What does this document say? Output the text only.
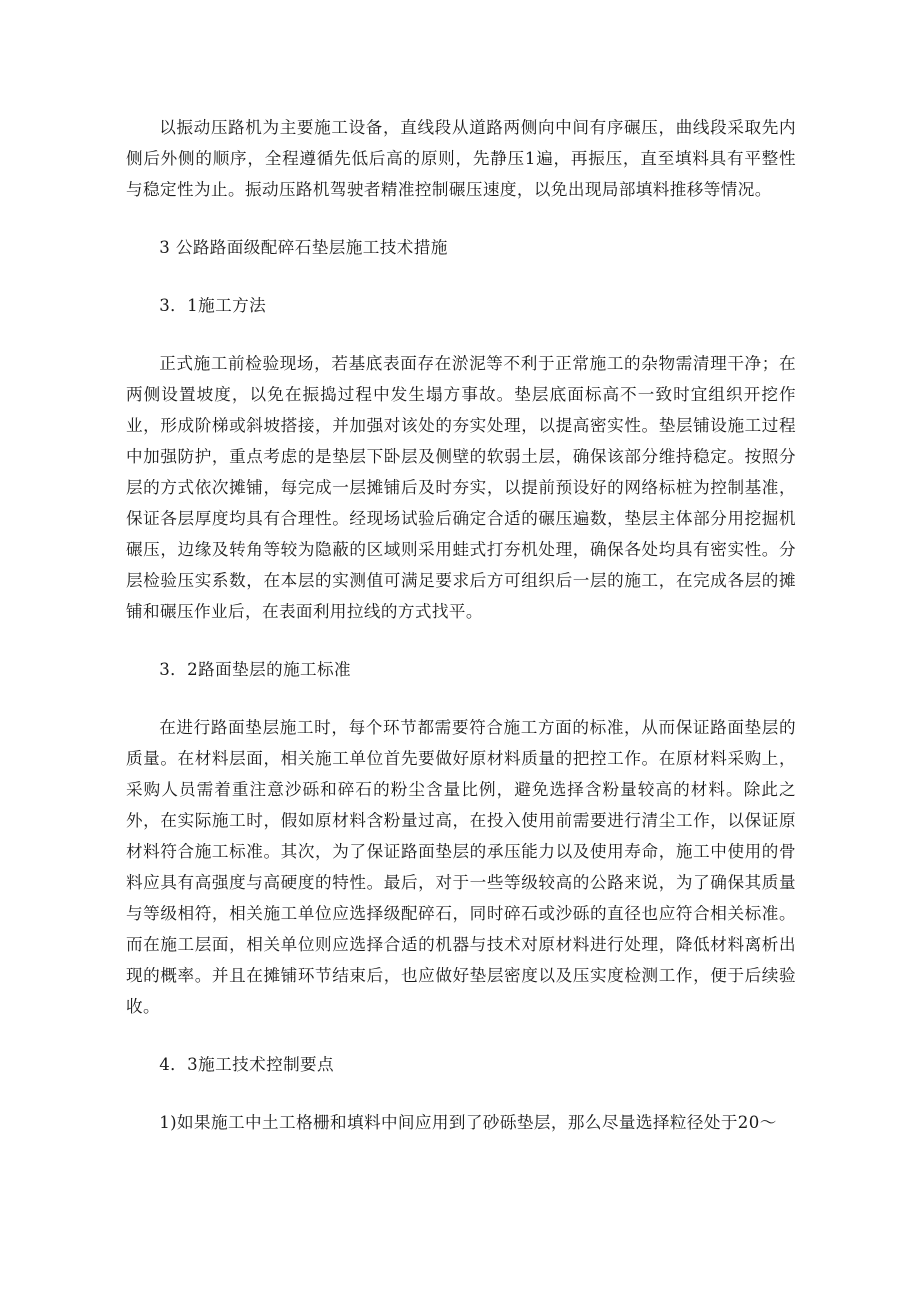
以振动压路机为主要施工设备，直线段从道路两侧向中间有序碾压，曲线段采取先内侧后外侧的顺序，全程遵循先低后高的原则，先静压1遍，再振压，直至填料具有平整性与稳定性为止。振动压路机驾驶者精准控制碾压速度，以免出现局部填料推移等情况。

3 公路路面级配碎石垫层施工技术措施

3．1施工方法

正式施工前检验现场，若基底表面存在淤泥等不利于正常施工的杂物需清理干净；在两侧设置坡度，以免在振捣过程中发生塌方事故。垫层底面标高不一致时宜组织开挖作业，形成阶梯或斜坡搭接，并加强对该处的夯实处理，以提高密实性。垫层铺设施工过程中加强防护，重点考虑的是垫层下卧层及侧壁的软弱土层，确保该部分维持稳定。按照分层的方式依次摊铺，每完成一层摊铺后及时夯实，以提前预设好的网络标桩为控制基准，保证各层厚度均具有合理性。经现场试验后确定合适的碾压遍数，垫层主体部分用挖掘机碾压，边缘及转角等较为隐蔽的区域则采用蛙式打夯机处理，确保各处均具有密实性。分层检验压实系数，在本层的实测值可满足要求后方可组织后一层的施工，在完成各层的摊铺和碾压作业后，在表面利用拉线的方式找平。

3．2路面垫层的施工标准

在进行路面垫层施工时，每个环节都需要符合施工方面的标准，从而保证路面垫层的质量。在材料层面，相关施工单位首先要做好原材料质量的把控工作。在原材料采购上，采购人员需着重注意沙砾和碎石的粉尘含量比例，避免选择含粉量较高的材料。除此之外，在实际施工时，假如原材料含粉量过高，在投入使用前需要进行清尘工作，以保证原材料符合施工标准。其次，为了保证路面垫层的承压能力以及使用寿命，施工中使用的骨料应具有高强度与高硬度的特性。最后，对于一些等级较高的公路来说，为了确保其质量与等级相符，相关施工单位应选择级配碎石，同时碎石或沙砾的直径也应符合相关标准。而在施工层面，相关单位则应选择合适的机器与技术对原材料进行处理，降低材料离析出现的概率。并且在摊铺环节结束后，也应做好垫层密度以及压实度检测工作，便于后续验收。

4．3施工技术控制要点

1)如果施工中土工格栅和填料中间应用到了砂砾垫层，那么尽量选择粒径处于20～
